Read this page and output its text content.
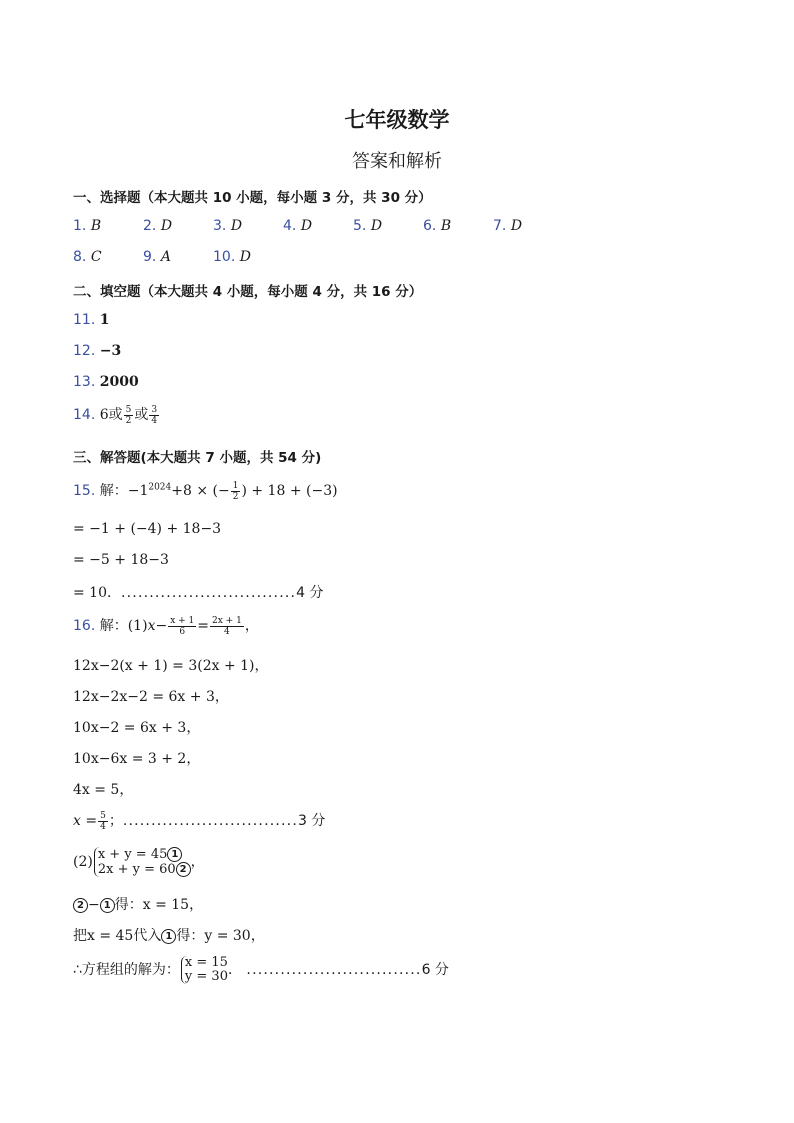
七年级数学
答案和解析
一、选择题（本大题共 10 小题，每小题 3 分，共 30 分）
1. B	2. D	3. D	4. D	5. D	6. B	7. D
8. C	9. A	10. D
二、填空题（本大题共 4 小题，每小题 4 分，共 16 分）
11. 1
12. −3
13. 2000
14. 6或 $\frac{5}{2}$ 或 $\frac{3}{4}$
三、解答题(本大题共 7 小题，共 54 分)
15. 解：$-1^{2024}+8$ × (− $\frac{1}{2}$ ) + 18 + (−3)
= −1 + (−4) + 18−3
= −5 + 18−3
= 10．...............................4 分
16. 解：$(1)x- \frac{x + 1}{6} = \frac{2x + 1}{4}$ ，
12x−2(x + 1) = 3(2x + 1)，
12x−2x−2 = 6x + 3，
10x−2 = 6x + 3，
10x−6x = 3 + 2，
4x = 5，
$x = \frac{5}{4}$ ；...............................3 分
(2) x + y = 45 1
2x + y = 60 2 ，
2 − 1 得：x = 15，
把x = 45代入 1 得：y = 30，
∴方程组的解为： x = 15
y = 30 ． ...............................6 分
